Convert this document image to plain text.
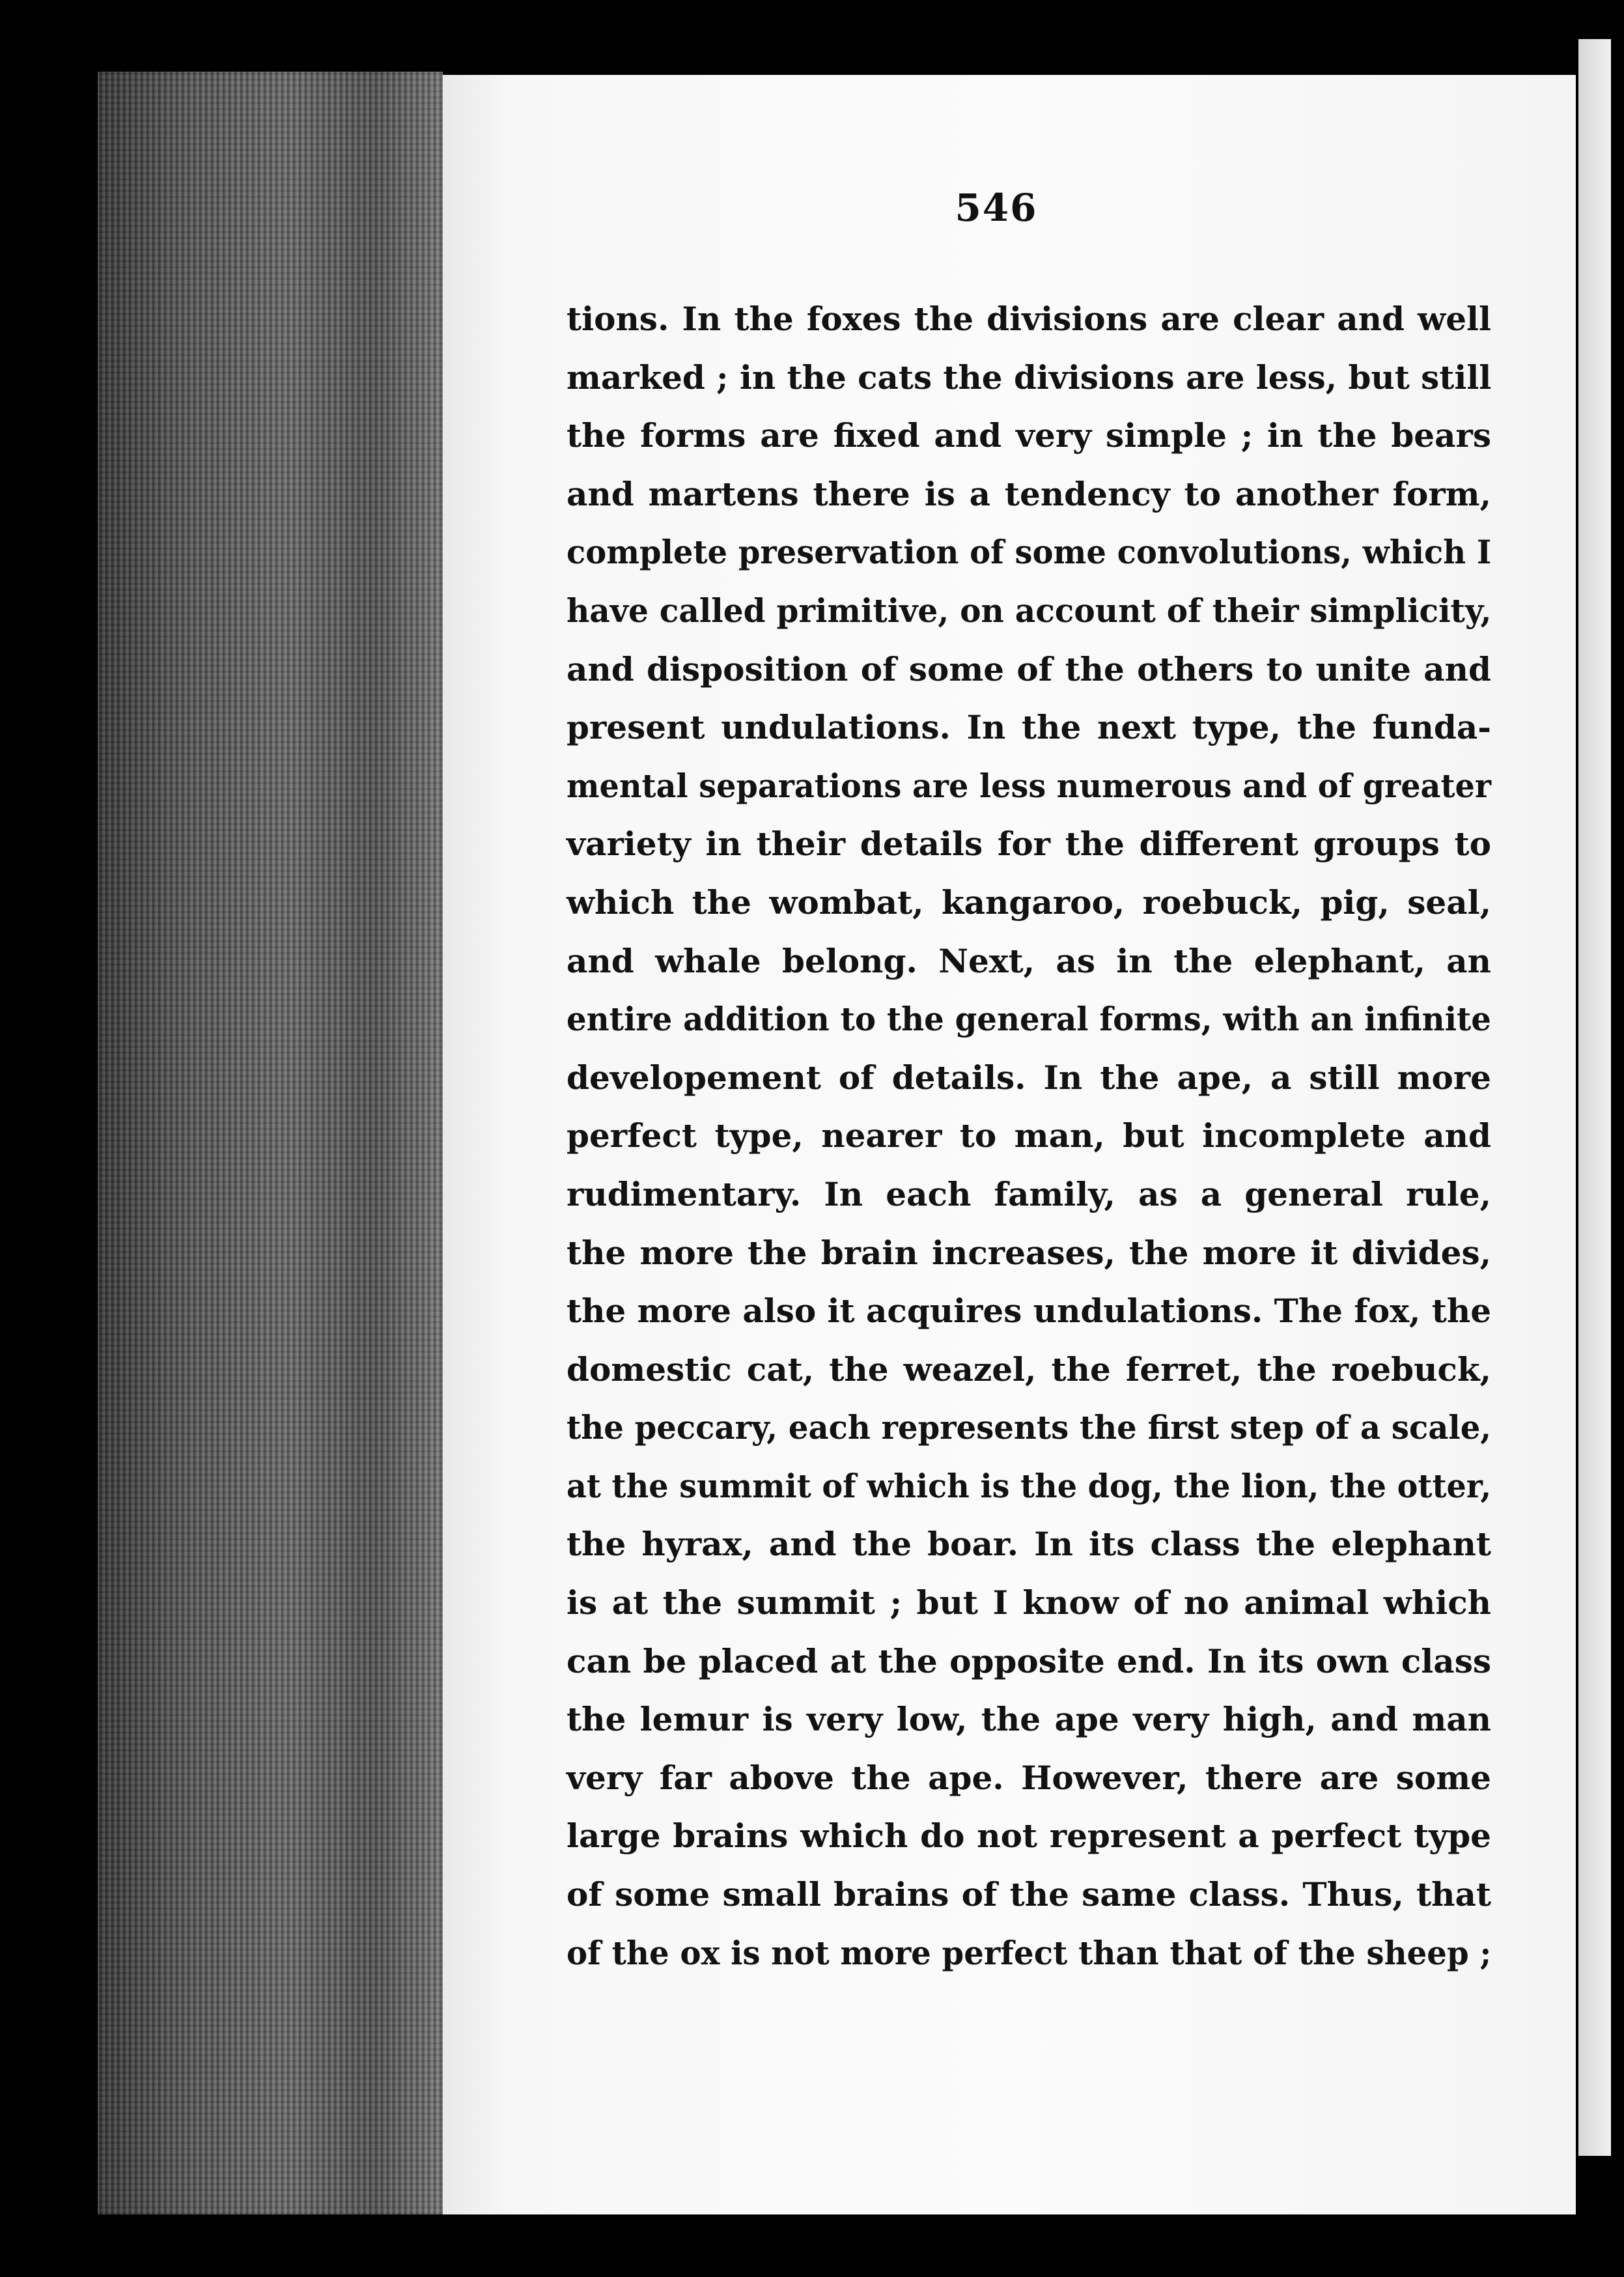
546
tions. In the foxes the divisions are clear and well
marked ; in the cats the divisions are less, but still
the forms are fixed and very simple ; in the bears
and martens there is a tendency to another form,
complete preservation of some convolutions, which I
have called primitive, on account of their simplicity,
and disposition of some of the others to unite and
present undulations. In the next type, the funda-
mental separations are less numerous and of greater
variety in their details for the different groups to
which the wombat, kangaroo, roebuck, pig, seal,
and whale belong. Next, as in the elephant, an
entire addition to the general forms, with an infinite
developement of details. In the ape, a still more
perfect type, nearer to man, but incomplete and
rudimentary. In each family, as a general rule,
the more the brain increases, the more it divides,
the more also it acquires undulations. The fox, the
domestic cat, the weazel, the ferret, the roebuck,
the peccary, each represents the first step of a scale,
at the summit of which is the dog, the lion, the otter,
the hyrax, and the boar. In its class the elephant
is at the summit ; but I know of no animal which
can be placed at the opposite end. In its own class
the lemur is very low, the ape very high, and man
very far above the ape. However, there are some
large brains which do not represent a perfect type
of some small brains of the same class. Thus, that
of the ox is not more perfect than that of the sheep ;
